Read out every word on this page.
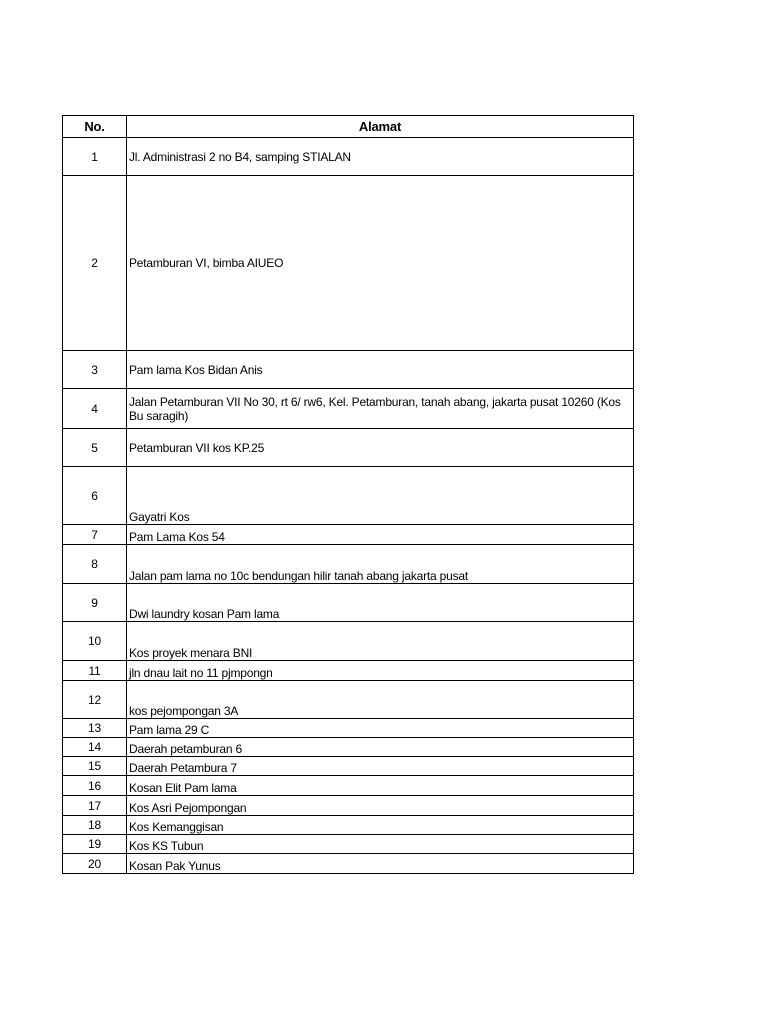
No.	Alamat
1	Jl. Administrasi 2 no B4, samping STIALAN
2	Petamburan VI, bimba AIUEO
3	Pam lama Kos Bidan Anis
4	Jalan Petamburan VII No 30, rt 6/ rw6, Kel. Petamburan, tanah abang, jakarta pusat 10260 (Kos Bu saragih)
5	Petamburan VII kos KP.25
6	Gayatri Kos
7	Pam Lama Kos 54
8	Jalan pam lama no 10c bendungan hilir tanah abang jakarta pusat
9	Dwi laundry kosan Pam lama
10	Kos proyek menara BNI
11	jln dnau lait no 11 pjmpongn
12	kos pejompongan 3A
13	Pam lama 29 C
14	Daerah petamburan 6
15	Daerah Petambura 7
16	Kosan Elit Pam lama
17	Kos Asri Pejompongan
18	Kos Kemanggisan
19	Kos KS Tubun
20	Kosan Pak Yunus
